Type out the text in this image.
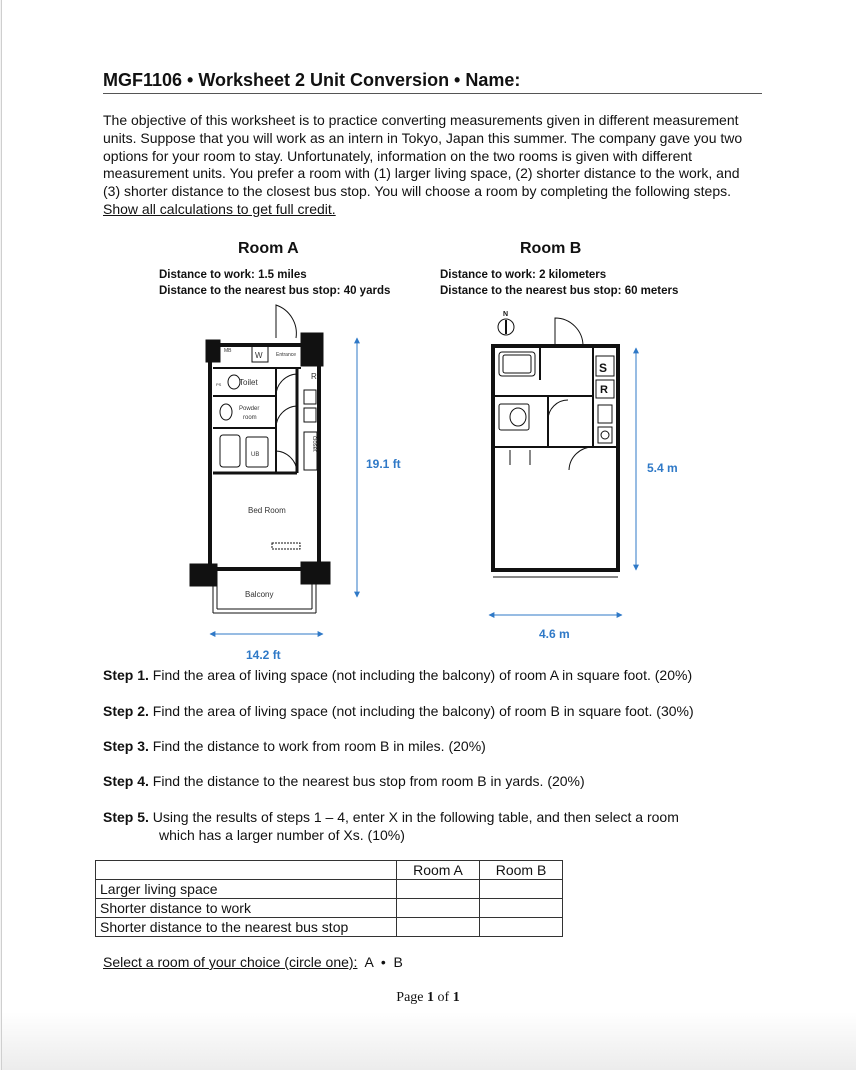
MGF1106 • Worksheet 2 Unit Conversion • Name:
The objective of this worksheet is to practice converting measurements given in different measurement units. Suppose that you will work as an intern in Tokyo, Japan this summer. The company gave you two options for your room to stay. Unfortunately, information on the two rooms is given with different measurement units. You prefer a room with (1) larger living space, (2) shorter distance to the work, and (3) shorter distance to the closest bus stop. You will choose a room by completing the following steps. Show all calculations to get full credit.
Room A	Room B
Distance to work: 1.5 miles
Distance to the nearest bus stop: 40 yards
Distance to work: 2 kilometers
Distance to the nearest bus stop: 60 meters
MB	W	Entrance
Toilet
PS
R
Powder
room
UB
closet
Bed Room
Balcony
N
S
R
19.1 ft
14.2 ft
5.4 m
4.6 m
Step 1. Find the area of living space (not including the balcony) of room A in square foot. (20%)
Step 2. Find the area of living space (not including the balcony) of room B in square foot. (30%)
Step 3. Find the distance to work from room B in miles. (20%)
Step 4. Find the distance to the nearest bus stop from room B in yards. (20%)
Step 5. Using the results of steps 1 – 4, enter X in the following table, and then select a room
which has a larger number of Xs. (10%)
	Room A	Room B
Larger living space		
Shorter distance to work		
Shorter distance to the nearest bus stop		
Select a room of your choice (circle one): A  •  B
Page 1 of 1
